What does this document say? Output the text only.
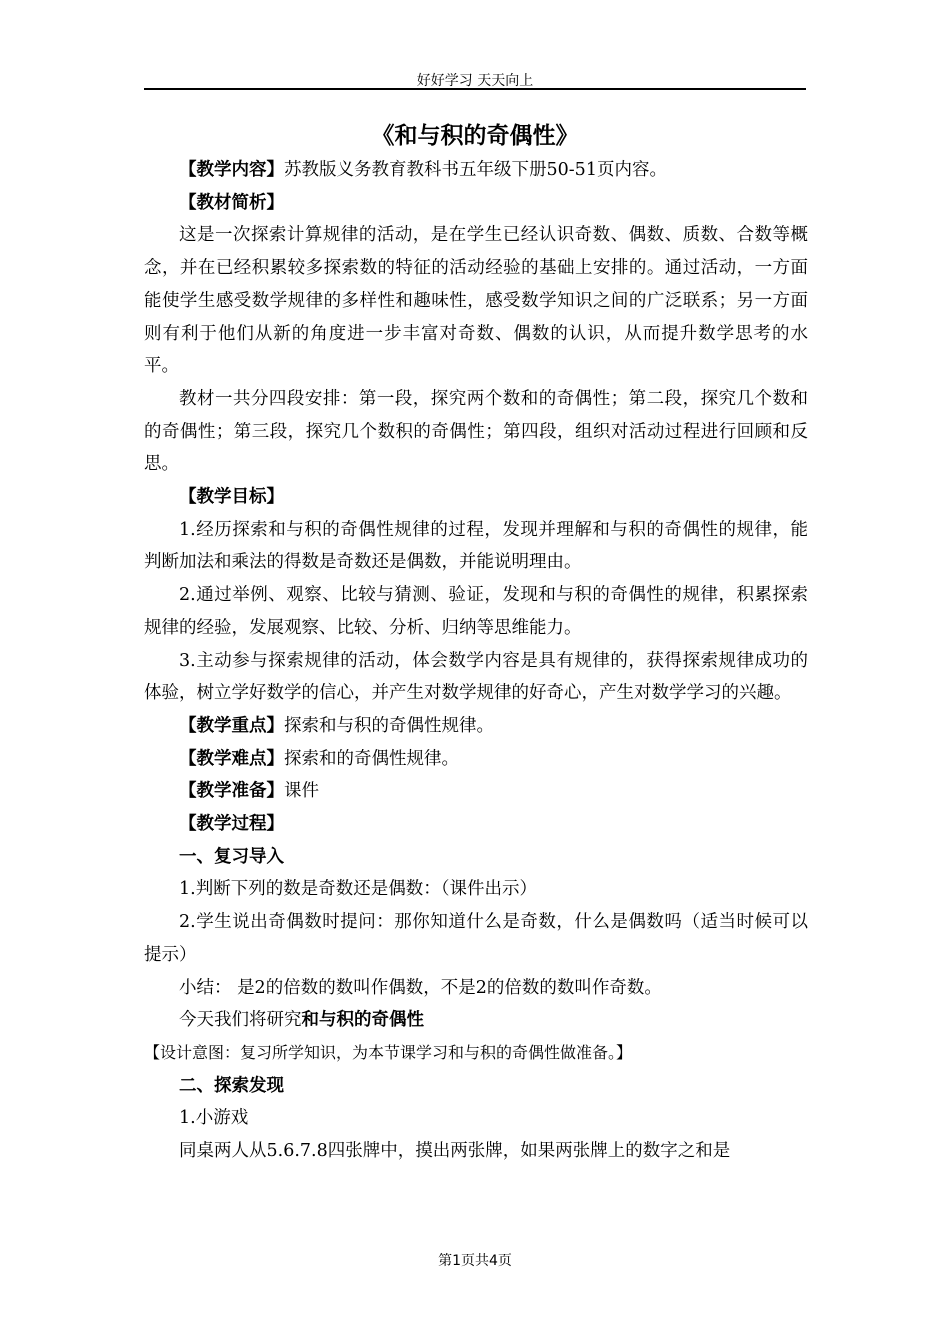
好好学习 天天向上
《和与积的奇偶性》

【教学内容】苏教版义务教育教科书五年级下册50-51页内容。

【教材简析】

这是一次探索计算规律的活动，是在学生已经认识奇数、偶数、质数、合数等概念，并在已经积累较多探索数的特征的活动经验的基础上安排的。通过活动，一方面能使学生感受数学规律的多样性和趣味性，感受数学知识之间的广泛联系；另一方面则有利于他们从新的角度进一步丰富对奇数、偶数的认识，从而提升数学思考的水平。

教材一共分四段安排：第一段，探究两个数和的奇偶性；第二段，探究几个数和的奇偶性；第三段，探究几个数积的奇偶性；第四段，组织对活动过程进行回顾和反思。

【教学目标】

1.经历探索和与积的奇偶性规律的过程，发现并理解和与积的奇偶性的规律，能判断加法和乘法的得数是奇数还是偶数，并能说明理由。

2.通过举例、观察、比较与猜测、验证，发现和与积的奇偶性的规律，积累探索规律的经验，发展观察、比较、分析、归纳等思维能力。

3.主动参与探索规律的活动，体会数学内容是具有规律的，获得探索规律成功的体验，树立学好数学的信心，并产生对数学规律的好奇心，产生对数学学习的兴趣。

【教学重点】探索和与积的奇偶性规律。

【教学难点】探索和的奇偶性规律。

【教学准备】课件

【教学过程】

一、复习导入

1.判断下列的数是奇数还是偶数：（课件出示）

2.学生说出奇偶数时提问：那你知道什么是奇数，什么是偶数吗（适当时候可以提示）

小结： 是2的倍数的数叫作偶数，不是2的倍数的数叫作奇数。

今天我们将研究和与积的奇偶性

【设计意图：复习所学知识，为本节课学习和与积的奇偶性做准备。】

二、探索发现

1.小游戏

同桌两人从5.6.7.8四张牌中，摸出两张牌，如果两张牌上的数字之和是

第1页共4页
